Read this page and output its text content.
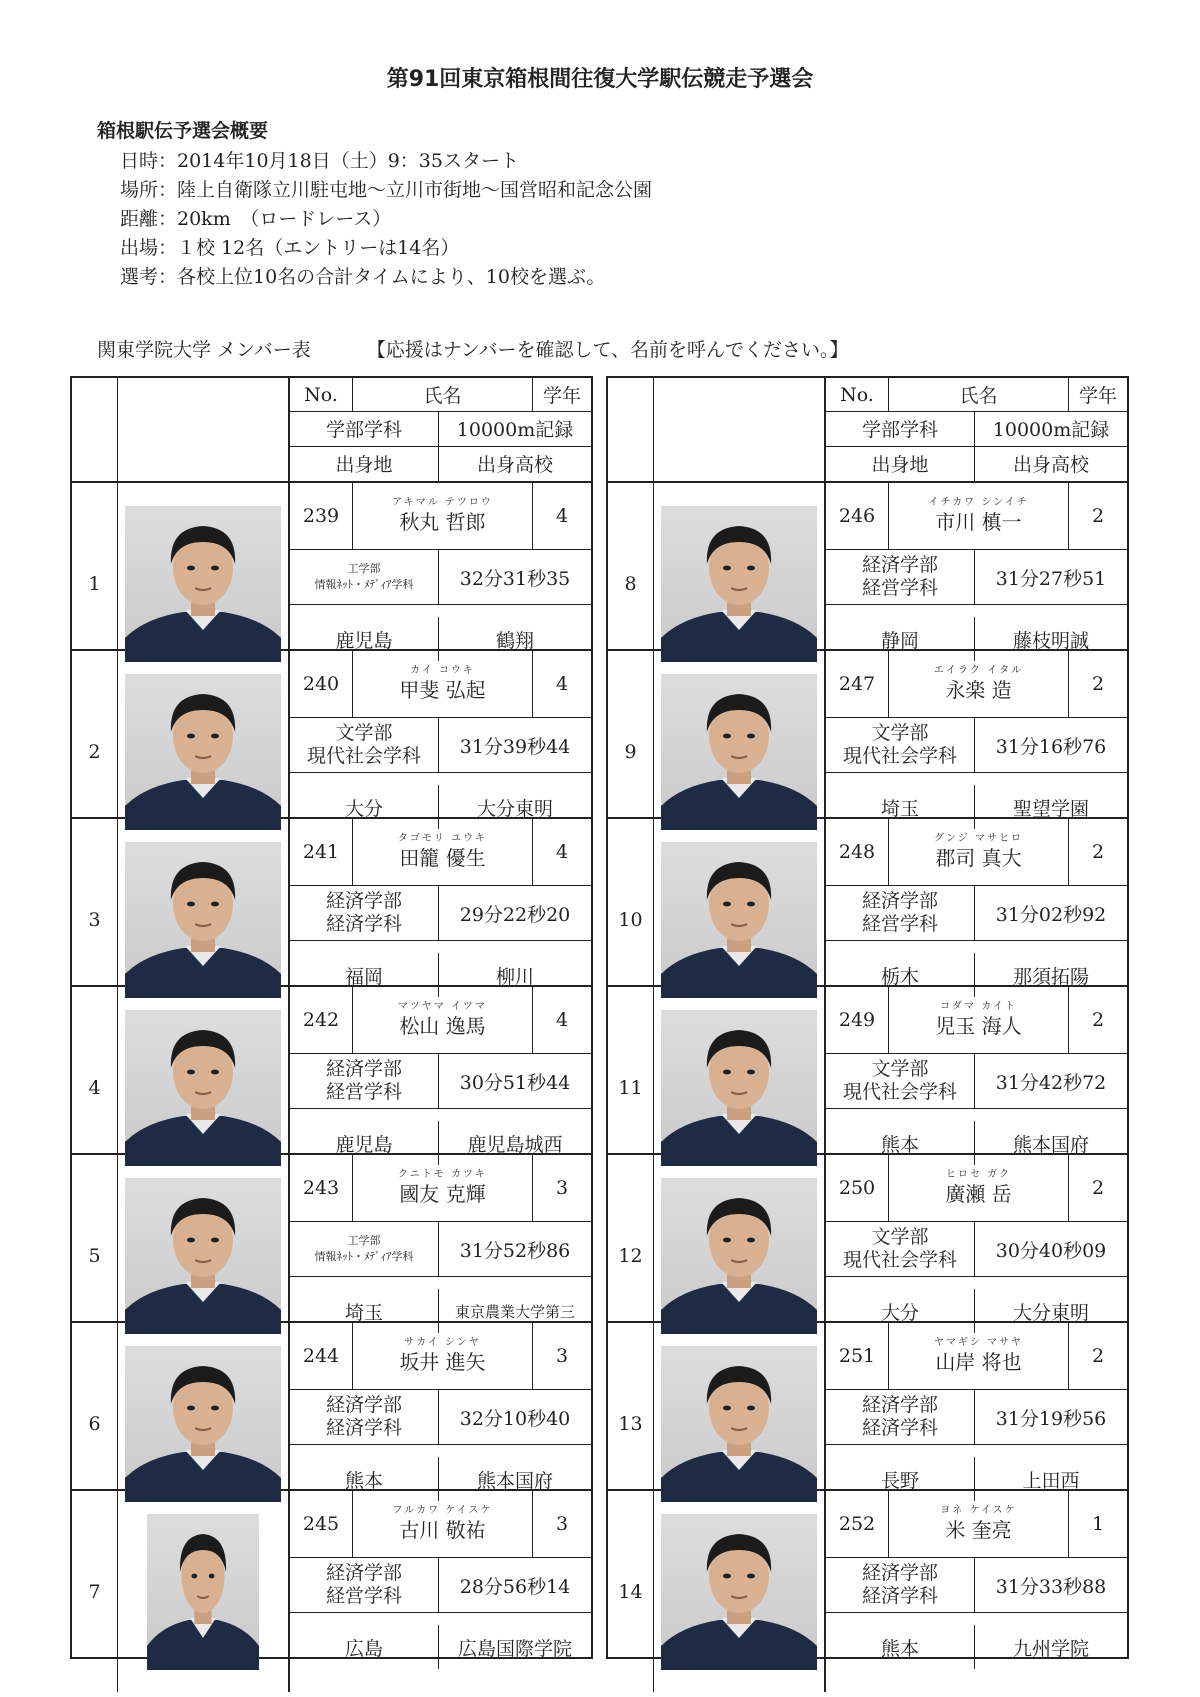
第91回東京箱根間往復大学駅伝競走予選会
箱根駅伝予選会概要
日時：2014年10月18日（土）9：35スタート
場所：陸上自衛隊立川駐屯地〜立川市街地〜国営昭和記念公園
距離：20km　（ロードレース）
出場：１校 12名（エントリーは14名）
選考：各校上位10名の合計タイムにより、10校を選ぶ。
関東学院大学 メンバー表	【応援はナンバーを確認して、名前を呼んでください。】
No.	氏名	学年
学部学科	10000m記録
出身地	出身高校
1
239
アキマル テツロウ
秋丸 哲郎	4
工学部
情報ﾈｯﾄ・ﾒﾃﾞｨｱ学科	32分31秒35
鹿児島	鶴翔
2
240
カイ コウキ
甲斐 弘起	4
文学部
現代社会学科	31分39秒44
大分	大分東明
3
241
タゴモリ ユウキ
田籠 優生	4
経済学部
経済学科	29分22秒20
福岡	柳川
4
242
マツヤマ イツマ
松山 逸馬	4
経済学部
経営学科	30分51秒44
鹿児島	鹿児島城西
5
243
クニトモ カツキ
國友 克輝	3
工学部
情報ﾈｯﾄ・ﾒﾃﾞｨｱ学科	31分52秒86
埼玉	東京農業大学第三
6
244
サカイ シンヤ
坂井 進矢	3
経済学部
経済学科	32分10秒40
熊本	熊本国府
7
245
フルカワ ケイスケ
古川 敬祐	3
経済学部
経営学科	28分56秒14
広島	広島国際学院
No.	氏名	学年
学部学科	10000m記録
出身地	出身高校
8
246
イチカワ シンイチ
市川 槙一	2
経済学部
経営学科	31分27秒51
静岡	藤枝明誠
9
247
エイラク イタル
永楽 造	2
文学部
現代社会学科	31分16秒76
埼玉	聖望学園
10
248
グンジ マサヒロ
郡司 真大	2
経済学部
経営学科	31分02秒92
栃木	那須拓陽
11
249
コダマ カイト
児玉 海人	2
文学部
現代社会学科	31分42秒72
熊本	熊本国府
12
250
ヒロセ ガク
廣瀬 岳	2
文学部
現代社会学科	30分40秒09
大分	大分東明
13
251
ヤマギシ マサヤ
山岸 将也	2
経済学部
経済学科	31分19秒56
長野	上田西
14
252
ヨネ ケイスケ
米 奎亮	1
経済学部
経済学科	31分33秒88
熊本	九州学院
